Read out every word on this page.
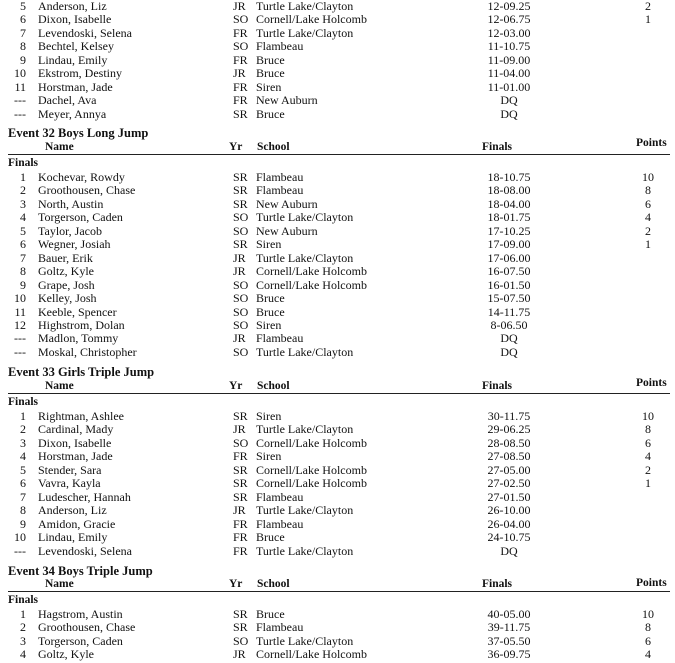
5 Anderson, Liz	JR Turtle Lake/Clayton	12-09.25	2
6 Dixon, Isabelle	SO Cornell/Lake Holcomb	12-06.75	1
7 Levendoski, Selena	FR Turtle Lake/Clayton	12-03.00
8 Bechtel, Kelsey	SO Flambeau	11-10.75
9 Lindau, Emily	FR Bruce	11-09.00
10 Ekstrom, Destiny	JR Bruce	11-04.00
11 Horstman, Jade	FR Siren	11-01.00
--- Dachel, Ava	FR New Auburn	DQ
--- Meyer, Annya	SR Bruce	DQ
Event 32 Boys Long Jump
Name	Yr School	Finals	Points
Finals
1 Kochevar, Rowdy	SR Flambeau	18-10.75	10
2 Groothousen, Chase	SR Flambeau	18-08.00	8
3 North, Austin	SR New Auburn	18-04.00	6
4 Torgerson, Caden	SO Turtle Lake/Clayton	18-01.75	4
5 Taylor, Jacob	SO New Auburn	17-10.25	2
6 Wegner, Josiah	SR Siren	17-09.00	1
7 Bauer, Erik	JR Turtle Lake/Clayton	17-06.00
8 Goltz, Kyle	JR Cornell/Lake Holcomb	16-07.50
9 Grape, Josh	SO Cornell/Lake Holcomb	16-01.50
10 Kelley, Josh	SO Bruce	15-07.50
11 Keeble, Spencer	SO Bruce	14-11.75
12 Highstrom, Dolan	SO Siren	8-06.50
--- Madlon, Tommy	JR Flambeau	DQ
--- Moskal, Christopher	SO Turtle Lake/Clayton	DQ
Event 33 Girls Triple Jump
Name	Yr School	Finals	Points
Finals
1 Rightman, Ashlee	SR Siren	30-11.75	10
2 Cardinal, Mady	JR Turtle Lake/Clayton	29-06.25	8
3 Dixon, Isabelle	SO Cornell/Lake Holcomb	28-08.50	6
4 Horstman, Jade	FR Siren	27-08.50	4
5 Stender, Sara	SR Cornell/Lake Holcomb	27-05.00	2
6 Vavra, Kayla	SR Cornell/Lake Holcomb	27-02.50	1
7 Ludescher, Hannah	SR Flambeau	27-01.50
8 Anderson, Liz	JR Turtle Lake/Clayton	26-10.00
9 Amidon, Gracie	FR Flambeau	26-04.00
10 Lindau, Emily	FR Bruce	24-10.75
--- Levendoski, Selena	FR Turtle Lake/Clayton	DQ
Event 34 Boys Triple Jump
Name	Yr School	Finals	Points
Finals
1 Hagstrom, Austin	SR Bruce	40-05.00	10
2 Groothousen, Chase	SR Flambeau	39-11.75	8
3 Torgerson, Caden	SO Turtle Lake/Clayton	37-05.50	6
4 Goltz, Kyle	JR Cornell/Lake Holcomb	36-09.75	4
